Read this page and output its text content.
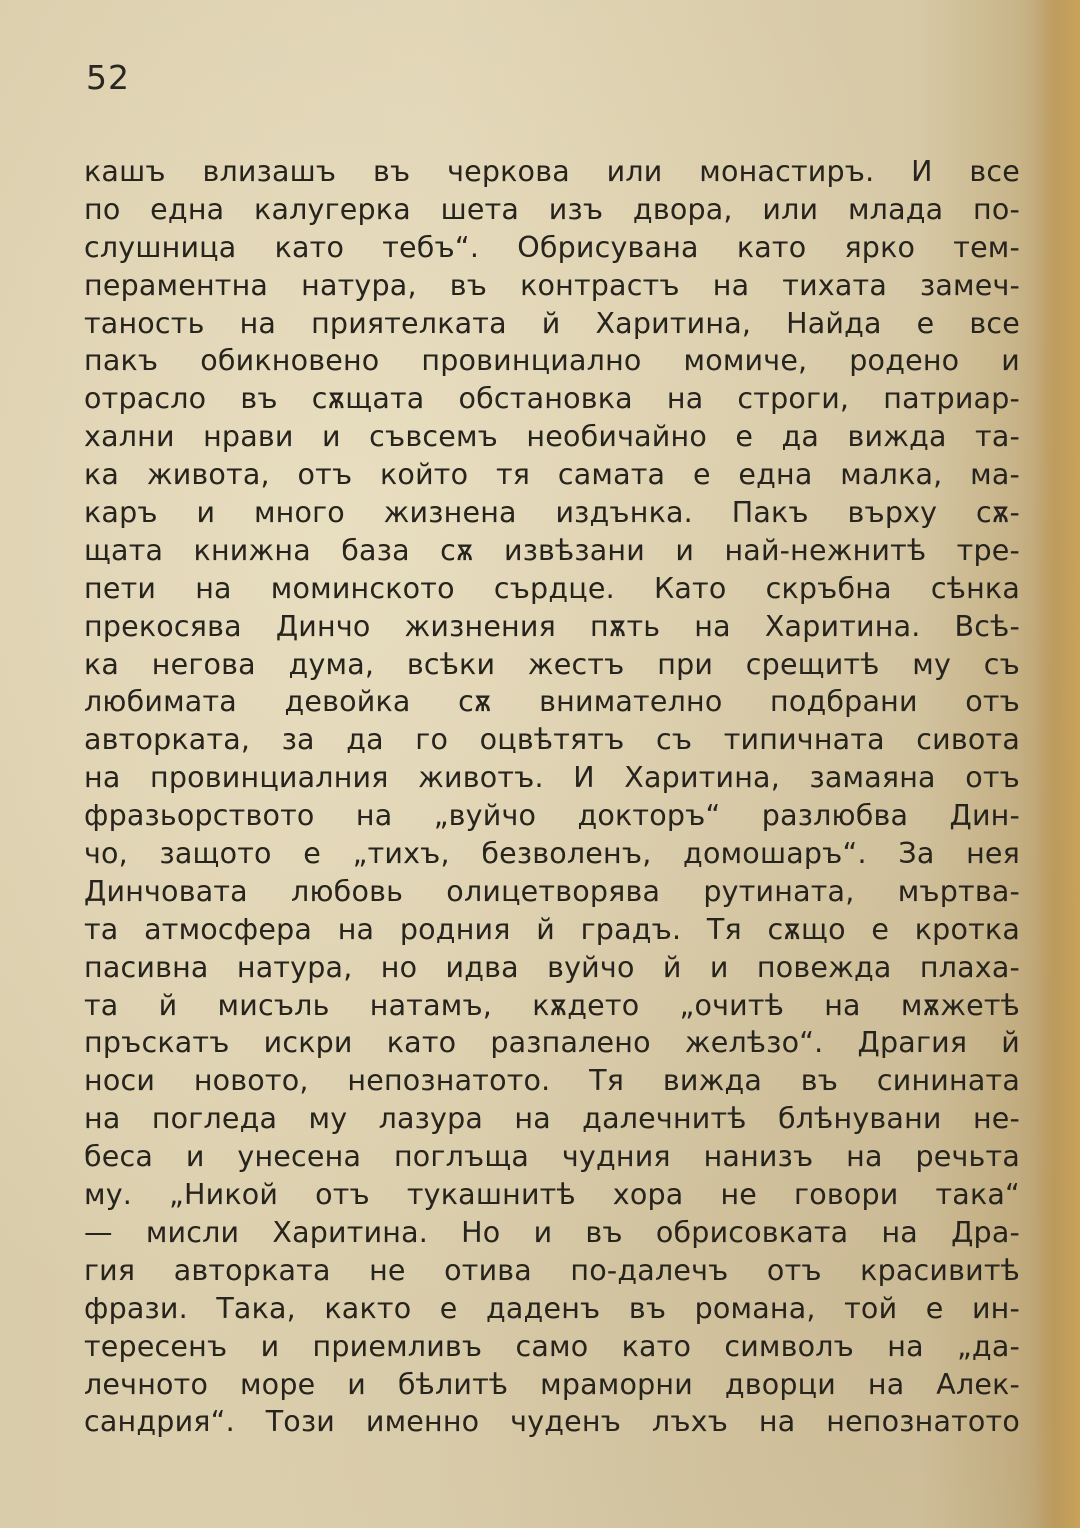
52
кашъ влизашъ въ черкова или монастиръ. И все
по една калугерка шета изъ двора, или млада по-
слушница като тебъ“. Обрисувана като ярко тем-
пераментна натура, въ контрастъ на тихата замеч-
таность на приятелката й Харитина, Найда е все
пакъ обикновено провинциално момиче, родено и
отрасло въ сѫщата обстановка на строги, патриар-
хални нрави и съвсемъ необичайно е да вижда та-
ка живота, отъ който тя самата е една малка, ма-
каръ и много жизнена издънка. Пакъ върху сѫ-
щата книжна база сѫ извѣзани и най-нежнитѣ тре-
пети на моминското сърдце. Като скръбна сѣнка
прекосява Динчо жизнения пѫть на Харитина. Всѣ-
ка негова дума, всѣки жестъ при срещитѣ му съ
любимата девойка сѫ внимателно подбрани отъ
авторката, за да го оцвѣтятъ съ типичната сивота
на провинциалния животъ. И Харитина, замаяна отъ
фразьорството на „вуйчо докторъ“ разлюбва Дин-
чо, защото е „тихъ, безволенъ, домошаръ“. За нея
Динчовата любовь олицетворява рутината, мъртва-
та атмосфера на родния й градъ. Тя сѫщо е кротка
пасивна натура, но идва вуйчо й и повежда плаха-
та й мисъль натамъ, кѫдето „очитѣ на мѫжетѣ
пръскатъ искри като разпалено желѣзо“. Драгия й
носи новото, непознатото. Тя вижда въ синината
на погледа му лазура на далечнитѣ блѣнувани не-
беса и унесена поглъща чудния нанизъ на речьта
му. „Никой отъ тукашнитѣ хора не говори така“
— мисли Харитина. Но и въ обрисовката на Дра-
гия авторката не отива по-далечъ отъ красивитѣ
фрази. Така, както е даденъ въ романа, той е ин-
тересенъ и приемливъ само като символъ на „да-
лечното море и бѣлитѣ мраморни дворци на Алек-
сандрия“. Този именно чуденъ лъхъ на непознатото
